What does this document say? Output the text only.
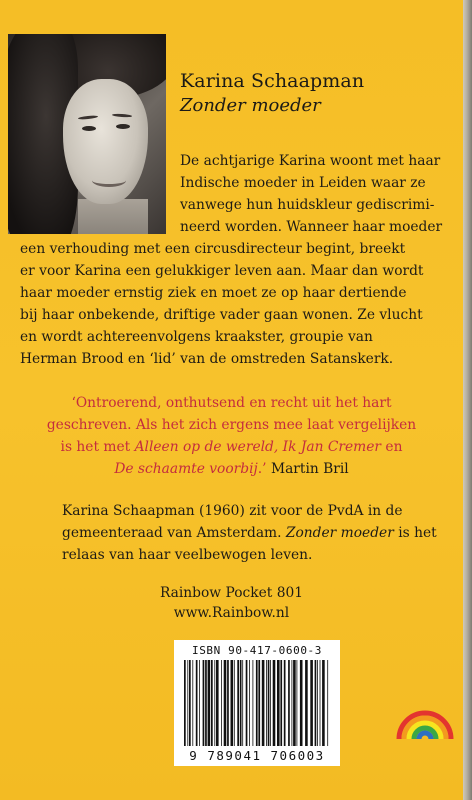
Karina Schaapman
Zonder moeder
De achtjarige Karina woont met haar
Indische moeder in Leiden waar ze
vanwege hun huidskleur gediscrimi-
neerd worden. Wanneer haar moeder
een verhouding met een circusdirecteur begint, breekt
er voor Karina een gelukkiger leven aan. Maar dan wordt
haar moeder ernstig ziek en moet ze op haar dertiende
bij haar onbekende, driftige vader gaan wonen. Ze vlucht
en wordt achtereenvolgens kraakster, groupie van
Herman Brood en ‘lid’ van de omstreden Satanskerk.
‘Ontroerend, onthutsend en recht uit het hart
geschreven. Als het zich ergens mee laat vergelijken
is het met Alleen op de wereld, Ik Jan Cremer en
De schaamte voorbij.’ Martin Bril
Karina Schaapman (1960) zit voor de PvdA in de
gemeenteraad van Amsterdam. Zonder moeder is het
relaas van haar veelbewogen leven.
Rainbow Pocket 801
www.Rainbow.nl
ISBN 90-417-0600-3
9 789041 706003
